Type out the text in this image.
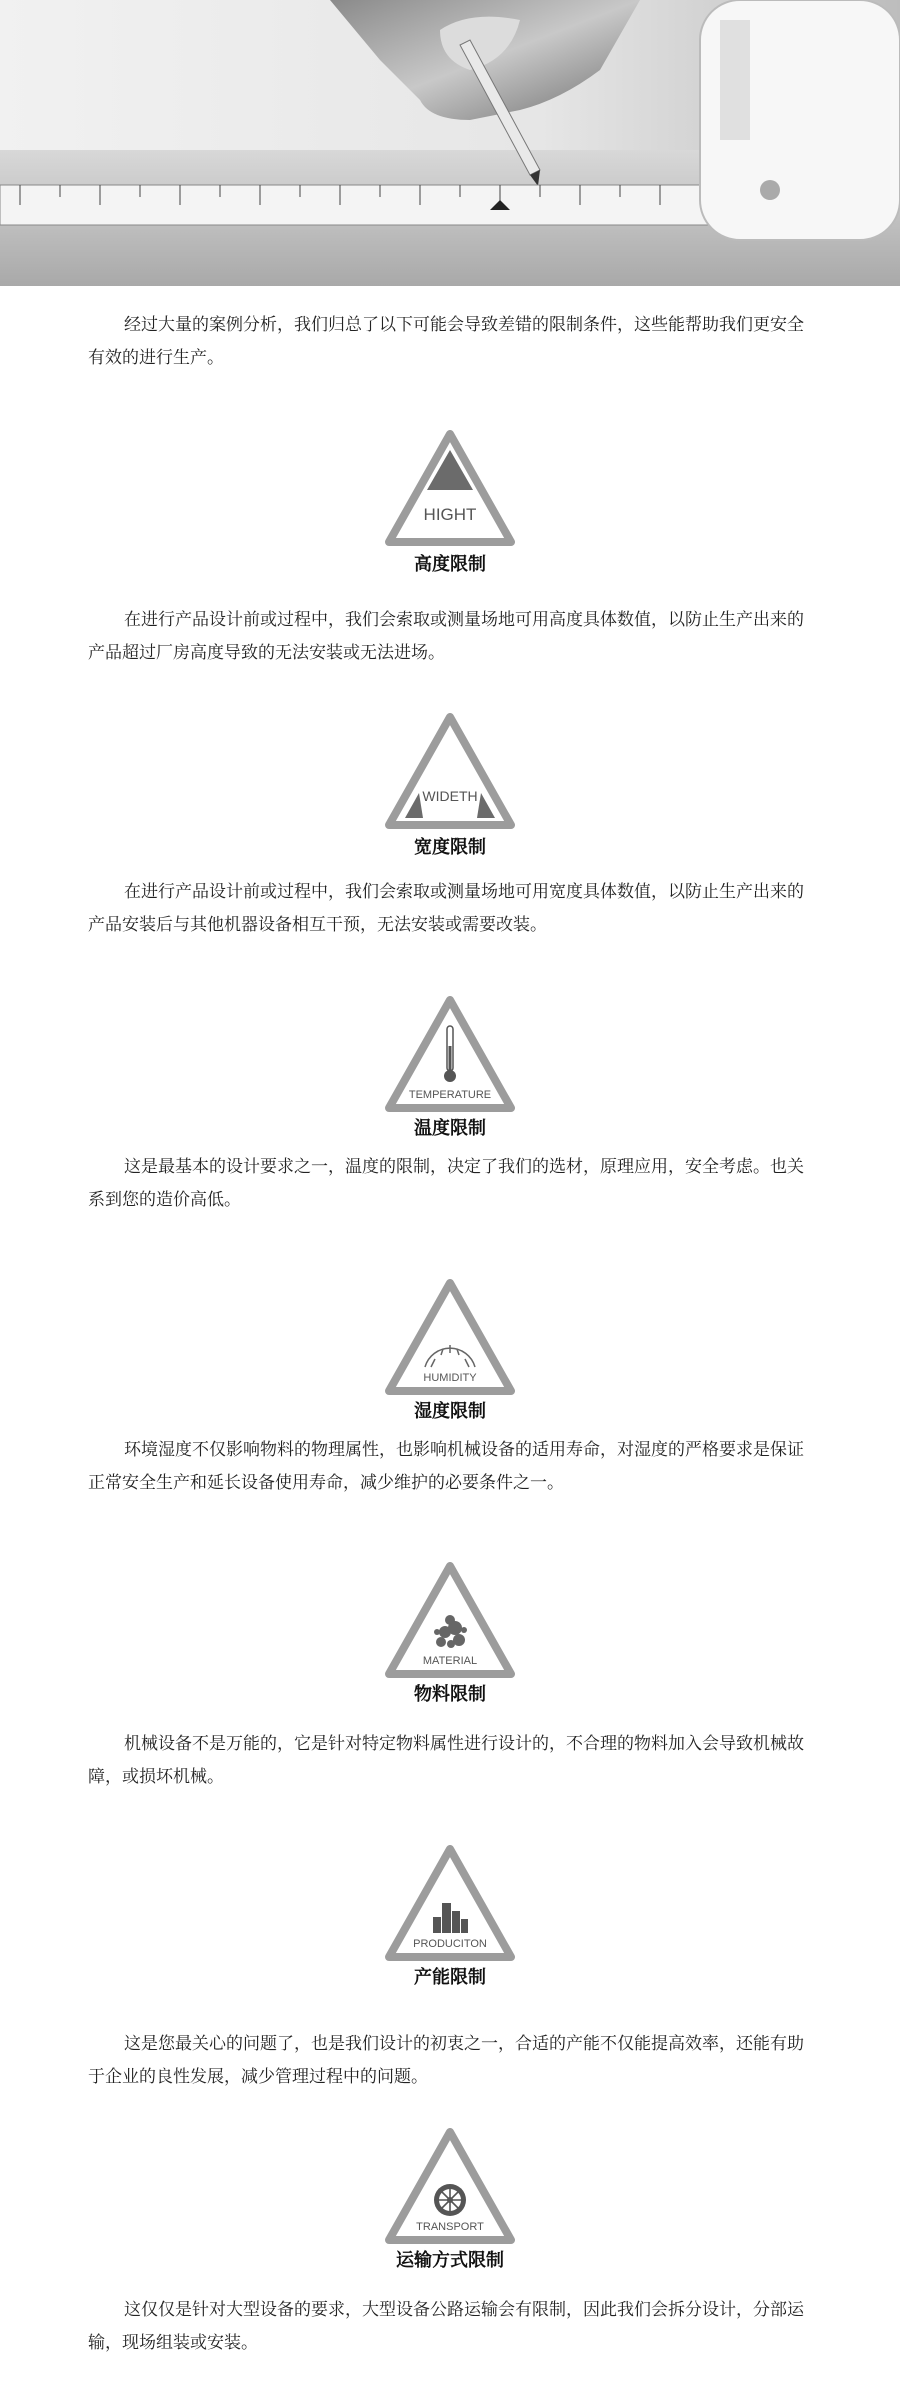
经过大量的案例分析，我们归总了以下可能会导致差错的限制条件，这些能帮助我们更安全有效的进行生产。

HIGHT
高度限制

在进行产品设计前或过程中，我们会索取或测量场地可用高度具体数值，以防止生产出来的产品超过厂房高度导致的无法安装或无法进场。

WIDETH
宽度限制

在进行产品设计前或过程中，我们会索取或测量场地可用宽度具体数值，以防止生产出来的产品安装后与其他机器设备相互干预，无法安装或需要改装。

TEMPERATURE
温度限制

这是最基本的设计要求之一，温度的限制，决定了我们的选材，原理应用，安全考虑。也关系到您的造价高低。

HUMIDITY
湿度限制

环境湿度不仅影响物料的物理属性，也影响机械设备的适用寿命，对湿度的严格要求是保证正常安全生产和延长设备使用寿命，减少维护的必要条件之一。

MATERIAL
物料限制

机械设备不是万能的，它是针对特定物料属性进行设计的，不合理的物料加入会导致机械故障，或损坏机械。

PRODUCITON
产能限制

这是您最关心的问题了，也是我们设计的初衷之一，合适的产能不仅能提高效率，还能有助于企业的良性发展，减少管理过程中的问题。

TRANSPORT
运输方式限制

这仅仅是针对大型设备的要求，大型设备公路运输会有限制，因此我们会拆分设计，分部运输，现场组装或安装。
